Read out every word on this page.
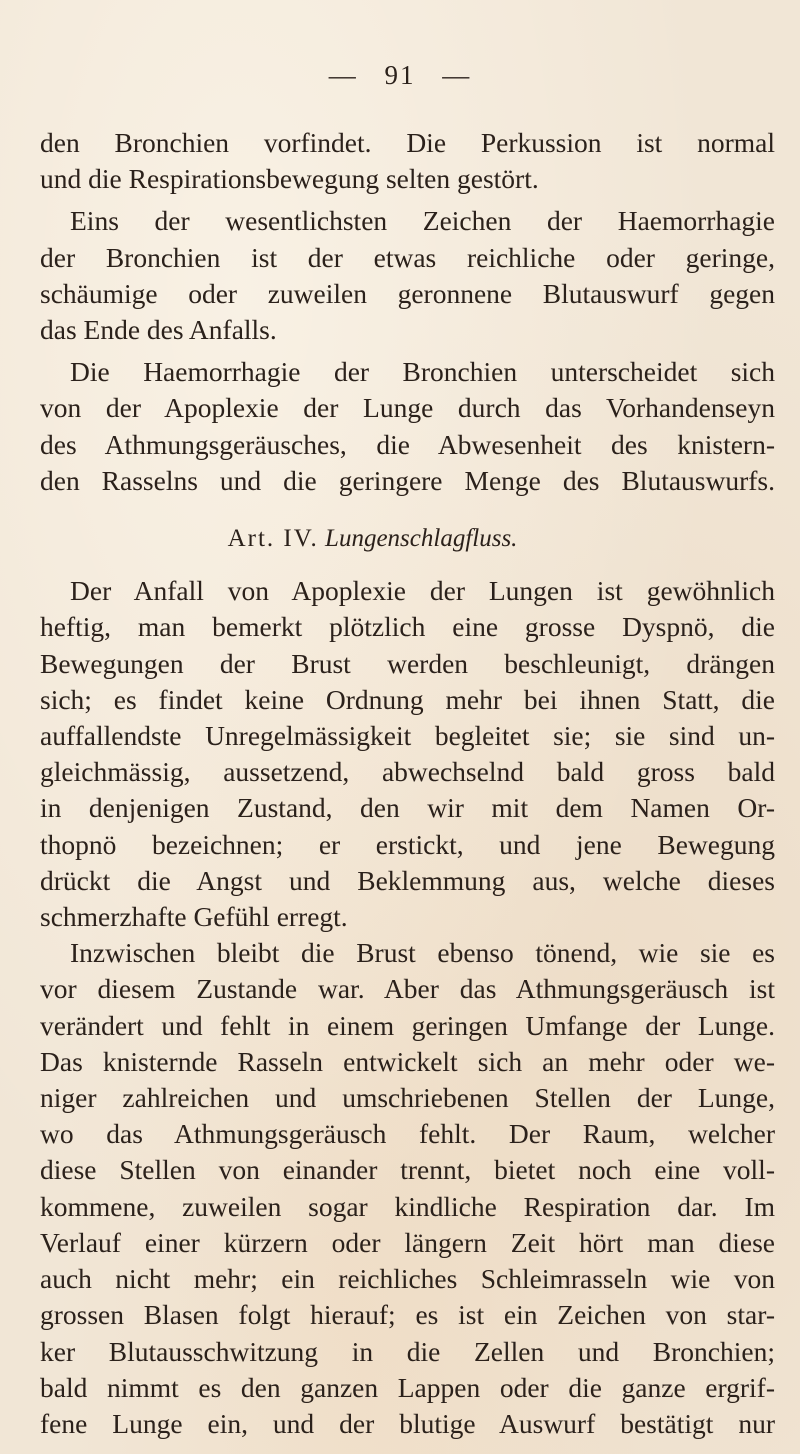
— 91 —
den Bronchien vorfindet. Die Perkussion ist normal
und die Respirationsbewegung selten gestört.
Eins der wesentlichsten Zeichen der Haemorrhagie
der Bronchien ist der etwas reichliche oder geringe,
schäumige oder zuweilen geronnene Blutauswurf gegen
das Ende des Anfalls.
Die Haemorrhagie der Bronchien unterscheidet sich
von der Apoplexie der Lunge durch das Vorhandenseyn
des Athmungsgeräusches, die Abwesenheit des knistern-
den Rasselns und die geringere Menge des Blutauswurfs.
Art. IV. Lungenschlagfluss.
Der Anfall von Apoplexie der Lungen ist gewöhnlich
heftig, man bemerkt plötzlich eine grosse Dyspnö, die
Bewegungen der Brust werden beschleunigt, drängen
sich; es findet keine Ordnung mehr bei ihnen Statt, die
auffallendste Unregelmässigkeit begleitet sie; sie sind un-
gleichmässig, aussetzend, abwechselnd bald gross bald
in denjenigen Zustand, den wir mit dem Namen Or-
thopnö bezeichnen; er erstickt, und jene Bewegung
drückt die Angst und Beklemmung aus, welche dieses
schmerzhafte Gefühl erregt.
Inzwischen bleibt die Brust ebenso tönend, wie sie es
vor diesem Zustande war. Aber das Athmungsgeräusch ist
verändert und fehlt in einem geringen Umfange der Lunge.
Das knisternde Rasseln entwickelt sich an mehr oder we-
niger zahlreichen und umschriebenen Stellen der Lunge,
wo das Athmungsgeräusch fehlt. Der Raum, welcher
diese Stellen von einander trennt, bietet noch eine voll-
kommene, zuweilen sogar kindliche Respiration dar. Im
Verlauf einer kürzern oder längern Zeit hört man diese
auch nicht mehr; ein reichliches Schleimrasseln wie von
grossen Blasen folgt hierauf; es ist ein Zeichen von star-
ker Blutausschwitzung in die Zellen und Bronchien;
bald nimmt es den ganzen Lappen oder die ganze ergrif-
fene Lunge ein, und der blutige Auswurf bestätigt nur
